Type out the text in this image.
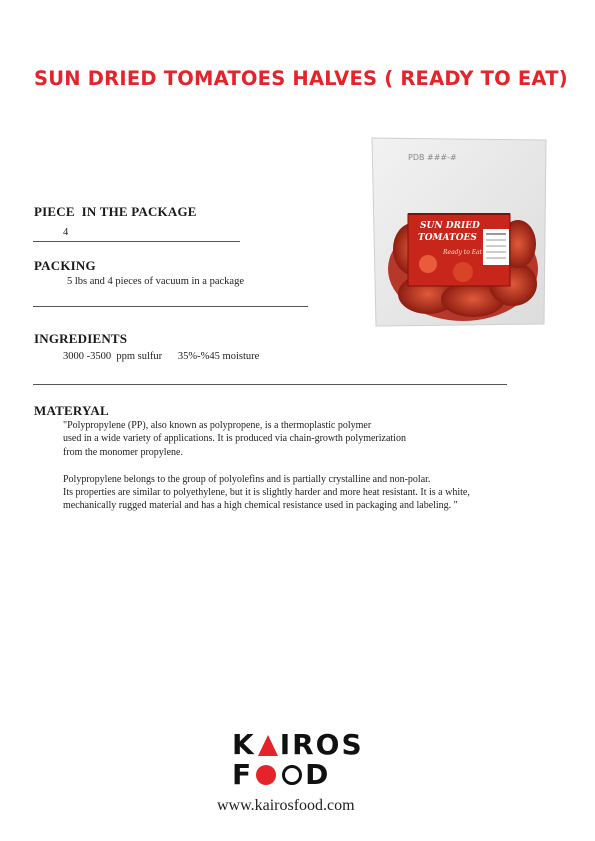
SUN DRIED TOMATOES HALVES ( READY TO EAT)
PDB ###-#
SUN DRIED
TOMATOES
Ready to Eat
PIECE  IN THE PACKAGE
4
PACKING
5 lbs and 4 pieces of vacuum in a package
INGREDIENTS
3000 -3500  ppm sulfur      35%-%45 moisture
MATERYAL
"Polypropylene (PP), also known as polypropene, is a thermoplastic polymer
used in a wide variety of applications. It is produced via chain-growth polymerization
from the monomer propylene.
Polypropylene belongs to the group of polyolefins and is partially crystalline and non-polar.
Its properties are similar to polyethylene, but it is slightly harder and more heat resistant. It is a white,
mechanically rugged material and has a high chemical resistance used in packaging and labeling. "
K IROS
F D
www.kairosfood.com
